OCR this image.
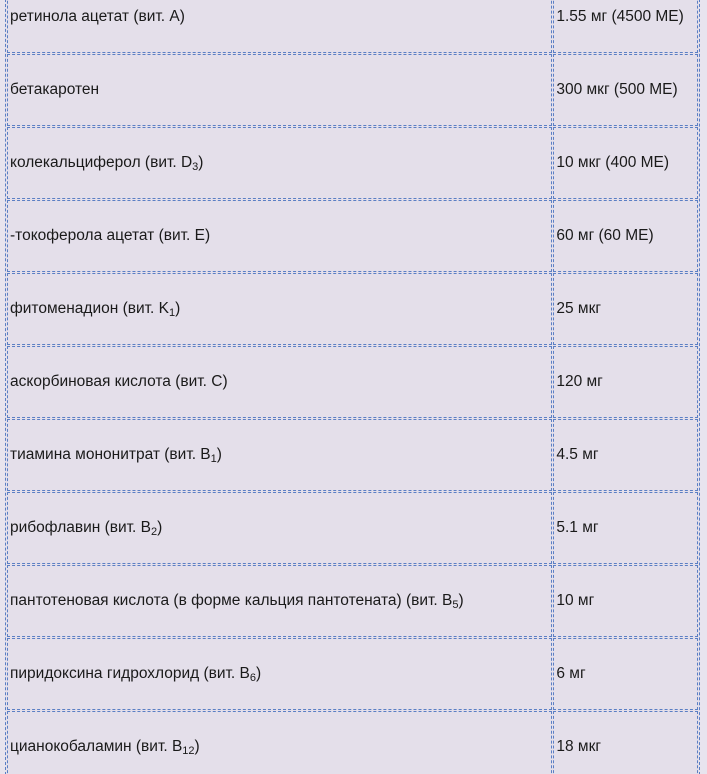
ретинола ацетат (вит. А)	1.55 мг (4500 МЕ)
бетакаротен	300 мкг (500 МЕ)
колекальциферол (вит. $D_3$)	10 мкг (400 МЕ)
-токоферола ацетат (вит. Е)	60 мг (60 МЕ)
фитоменадион (вит. $K_1$)	25 мкг
аскорбиновая кислота (вит. С)	120 мг
тиамина мононитрат (вит. $В_1$)	4.5 мг
рибофлавин (вит. $В_2$)	5.1 мг
пантотеновая кислота (в форме кальция пантотената) (вит. $В_5$)	10 мг
пиридоксина гидрохлорид (вит. $В_6$)	6 мг
цианокобаламин (вит. $В_{12}$)	18 мкг
